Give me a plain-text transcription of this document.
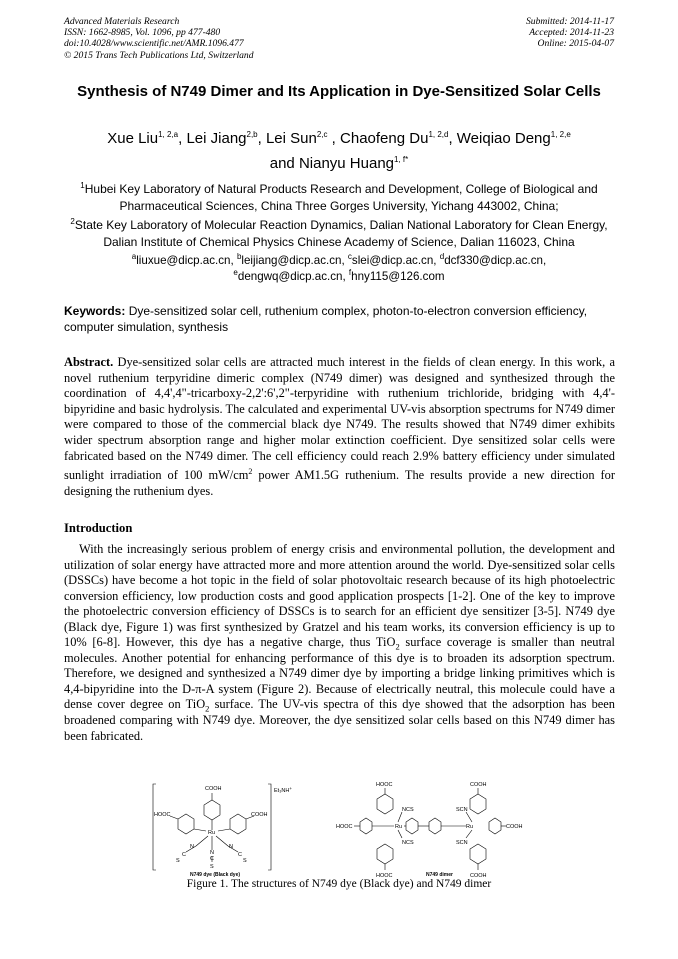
Advanced Materials Research
ISSN: 1662-8985, Vol. 1096, pp 477-480
doi:10.4028/www.scientific.net/AMR.1096.477
© 2015 Trans Tech Publications Ltd, Switzerland
Submitted: 2014-11-17
Accepted: 2014-11-23
Online: 2015-04-07
Synthesis of N749 Dimer and Its Application in Dye-Sensitized Solar Cells
Xue Liu$^{1, 2,a}$, Lei Jiang$^{2,b}$, Lei Sun$^{2,c}$ , Chaofeng Du$^{1, 2,d}$, Weiqiao Deng$^{1, 2,e}$
and Nianyu Huang$^{1, f*}$
$^1$Hubei Key Laboratory of Natural Products Research and Development, College of Biological and Pharmaceutical Sciences, China Three Gorges University, Yichang 443002, China;
$^2$State Key Laboratory of Molecular Reaction Dynamics, Dalian National Laboratory for Clean Energy, Dalian Institute of Chemical Physics Chinese Academy of Science, Dalian 116023, China
$^a$liuxue@dicp.ac.cn, $^b$leijiang@dicp.ac.cn, $^c$slei@dicp.ac.cn, $^d$dcf330@dicp.ac.cn,
$^e$dengwq@dicp.ac.cn, $^f$hny115@126.com
Keywords: Dye-sensitized solar cell, ruthenium complex, photon-to-electron conversion efficiency, computer simulation, synthesis
Abstract. Dye-sensitized solar cells are attracted much interest in the fields of clean energy. In this work, a novel ruthenium terpyridine dimeric complex (N749 dimer) was designed and synthesized through the coordination of 4,4',4"-tricarboxy-2,2':6',2"-terpyridine with ruthenium trichloride, bridging with 4,4'-bipyridine and basic hydrolysis. The calculated and experimental UV-vis absorption spectrums for N749 dimer were compared to those of the commercial black dye N749. The results showed that N749 dimer exhibits wider spectrum absorption range and higher molar extinction coefficient. Dye sensitized solar cells were fabricated based on the N749 dimer. The cell efficiency could reach 2.9% battery efficiency under simulated sunlight irradiation of 100 $mW/cm^2$ power AM1.5G ruthenium. The results provide a new direction for designing the ruthenium dyes.
Introduction
With the increasingly serious problem of energy crisis and environmental pollution, the development and utilization of solar energy have attracted more and more attention around the world. Dye-sensitized solar cells (DSSCs) have become a hot topic in the field of solar photovoltaic research because of its high photoelectric conversion efficiency, low production costs and good application prospects [1-2]. One of the key to improve the photoelectric conversion efficiency of DSSCs is to search for an efficient dye sensitizer [3-5]. N749 dye (Black dye, Figure 1) was first synthesized by Gratzel and his team works, its conversion efficiency is up to 10% [6-8]. However, this dye has a negative charge, thus TiO$_2$ surface coverage is smaller than neutral molecules. Another potential for enhancing performance of this dye is to broaden its adsorption spectrum. Therefore, we designed and synthesized a N749 dimer dye by importing a bridge linking primitives which is 4,4-bipyridine into the D-π-A system (Figure 2). Because of electrically neutral, this molecule could have a dense cover degree on TiO$_2$ surface. The UV-vis spectra of this dye showed that the adsorption has been broadened comparing with N749 dye. Moreover, the dye sensitized solar cells based on this N749 dimer has been fabricated.
COOH
HOOC	COOH
Ru
N
N
N
C
C
C
S
S
S
Et₃NH+
N749 dye (Black dye)
HOOC
HOOC
HOOC
Ru
NCS
NCS
COOH
COOH
COOH
Ru
SCN
SCN
N749 dimer
Figure 1. The structures of N749 dye (Black dye) and N749 dimer
